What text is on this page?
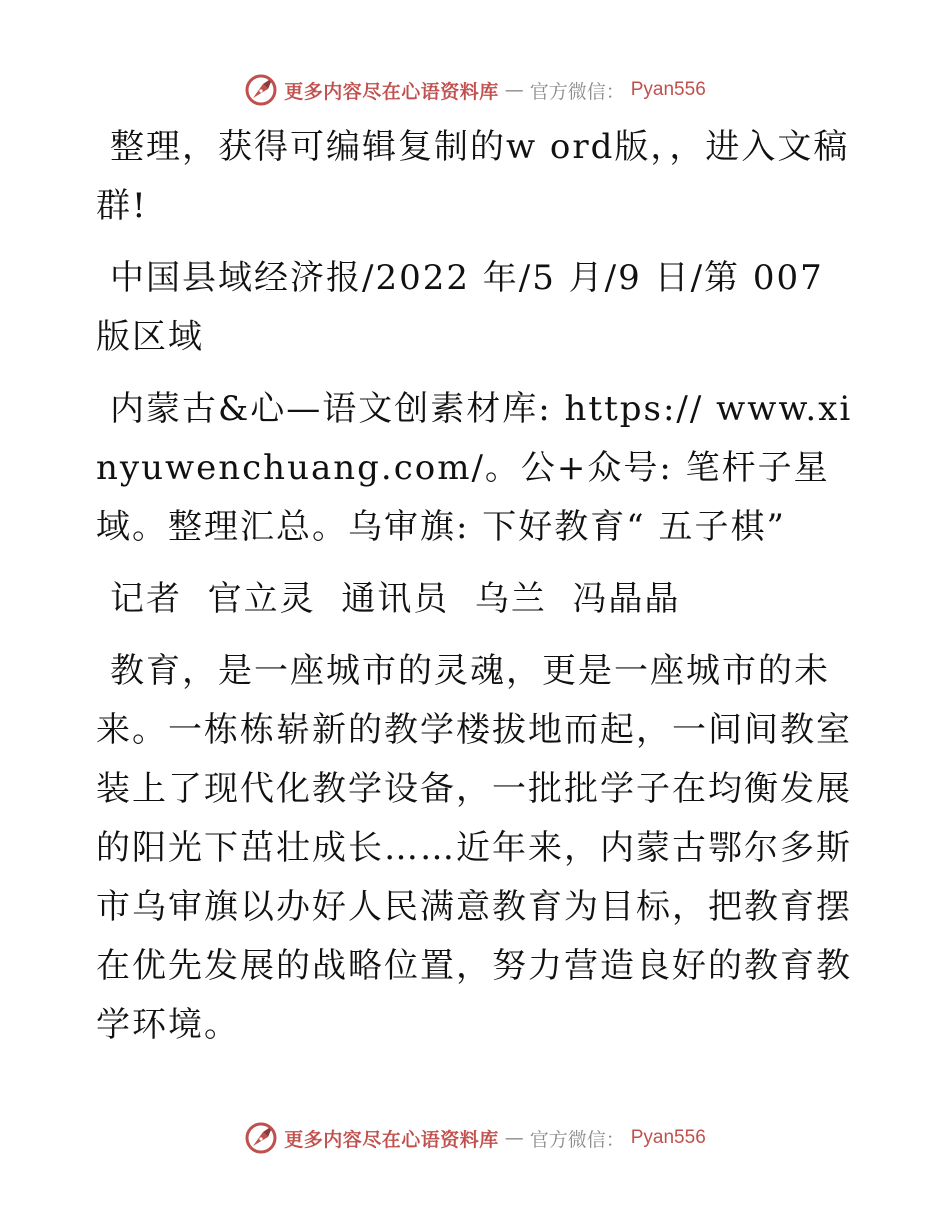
更多内容尽在心语资料库 — 官方微信： Pyan556

整理，获得可编辑复制的w ord版，，进入文稿群!

中国县域经济报/2022 年/5 月/9 日/第 007 版区域

内蒙古&心—语文创素材库: https:// www.xinyuwenchuang.com/。公+众号: 笔杆子星域。整理汇总。乌审旗: 下好教育“ 五子棋”

记者  官立灵  通讯员  乌兰  冯晶晶

教育，是一座城市的灵魂，更是一座城市的未来。一栋栋崭新的教学楼拔地而起，一间间教室装上了现代化教学设备，一批批学子在均衡发展的阳光下茁壮成长……近年来，内蒙古鄂尔多斯市乌审旗以办好人民满意教育为目标，把教育摆在优先发展的战略位置，努力营造良好的教育教学环境。

更多内容尽在心语资料库 — 官方微信： Pyan556
